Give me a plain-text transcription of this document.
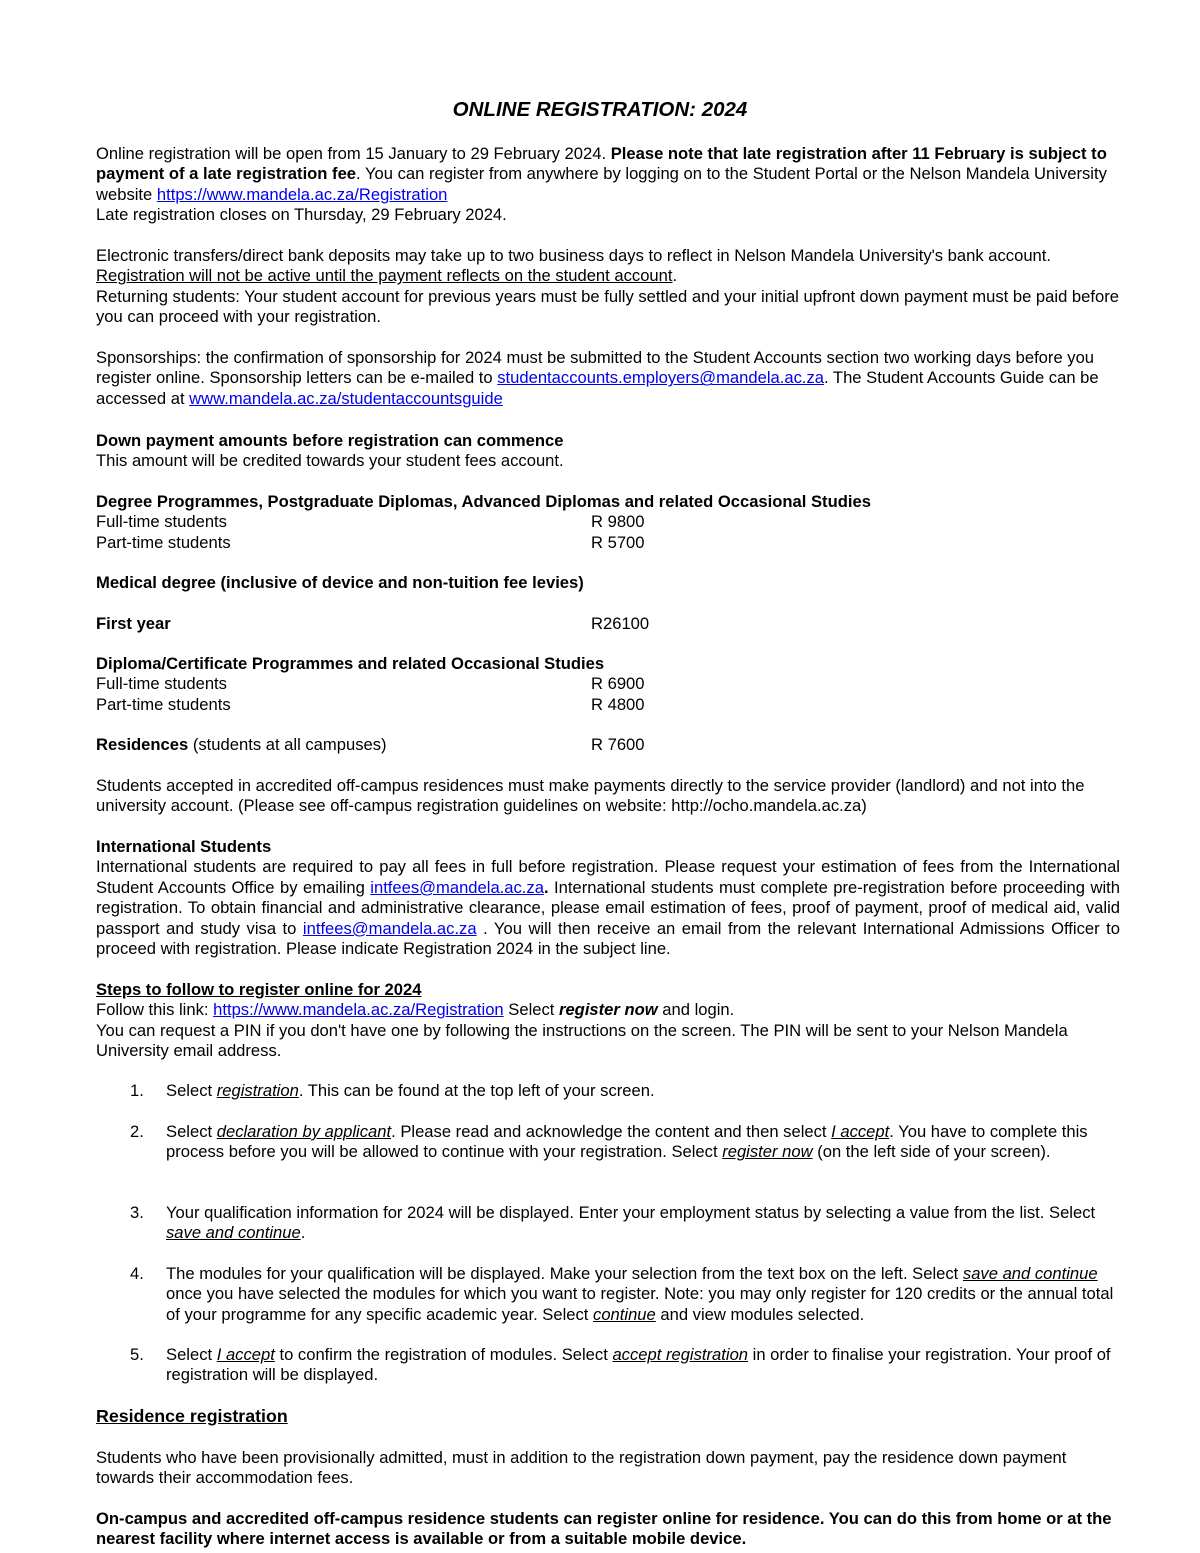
ONLINE REGISTRATION: 2024

Online registration will be open from 15 January to 29 February 2024. Please note that late registration after 11 February is subject to payment of a late registration fee. You can register from anywhere by logging on to the Student Portal or the Nelson Mandela University website https://www.mandela.ac.za/Registration

Late registration closes on Thursday, 29 February 2024.

Electronic transfers/direct bank deposits may take up to two business days to reflect in Nelson Mandela University's bank account.

Registration will not be active until the payment reflects on the student account.

Returning students: Your student account for previous years must be fully settled and your initial upfront down payment must be paid before you can proceed with your registration.

Sponsorships: the confirmation of sponsorship for 2024 must be submitted to the Student Accounts section two working days before you register online. Sponsorship letters can be e-mailed to studentaccounts.employers@mandela.ac.za. The Student Accounts Guide can be accessed at www.mandela.ac.za/studentaccountsguide

Down payment amounts before registration can commence

This amount will be credited towards your student fees account.

Degree Programmes, Postgraduate Diplomas, Advanced Diplomas and related Occasional Studies

Full-time students	R 9800
Part-time students	R 5700

Medical degree (inclusive of device and non-tuition fee levies)

First year	R26100

Diploma/Certificate Programmes and related Occasional Studies

Full-time students	R 6900
Part-time students	R 4800
Residences (students at all campuses)	R 7600

Students accepted in accredited off-campus residences must make payments directly to the service provider (landlord) and not into the university account. (Please see off-campus registration guidelines on website: http://ocho.mandela.ac.za)

International Students

International students are required to pay all fees in full before registration. Please request your estimation of fees from the International Student Accounts Office by emailing intfees@mandela.ac.za. International students must complete pre-registration before proceeding with registration. To obtain financial and administrative clearance, please email estimation of fees, proof of payment, proof of medical aid, valid passport and study visa to intfees@mandela.ac.za . You will then receive an email from the relevant International Admissions Officer to proceed with registration. Please indicate Registration 2024 in the subject line.

Steps to follow to register online for 2024

Follow this link: https://www.mandela.ac.za/Registration Select register now and login.

You can request a PIN if you don't have one by following the instructions on the screen. The PIN will be sent to your Nelson Mandela University email address.

1. Select registration. This can be found at the top left of your screen.
2. Select declaration by applicant. Please read and acknowledge the content and then select I accept. You have to complete this process before you will be allowed to continue with your registration. Select register now (on the left side of your screen).
3. Your qualification information for 2024 will be displayed. Enter your employment status by selecting a value from the list. Select save and continue.
4. The modules for your qualification will be displayed. Make your selection from the text box on the left. Select save and continue once you have selected the modules for which you want to register. Note: you may only register for 120 credits or the annual total of your programme for any specific academic year. Select continue and view modules selected.
5. Select I accept to confirm the registration of modules. Select accept registration in order to finalise your registration. Your proof of registration will be displayed.

Residence registration

Students who have been provisionally admitted, must in addition to the registration down payment, pay the residence down payment towards their accommodation fees.

On-campus and accredited off-campus residence students can register online for residence. You can do this from home or at the nearest facility where internet access is available or from a suitable mobile device.
